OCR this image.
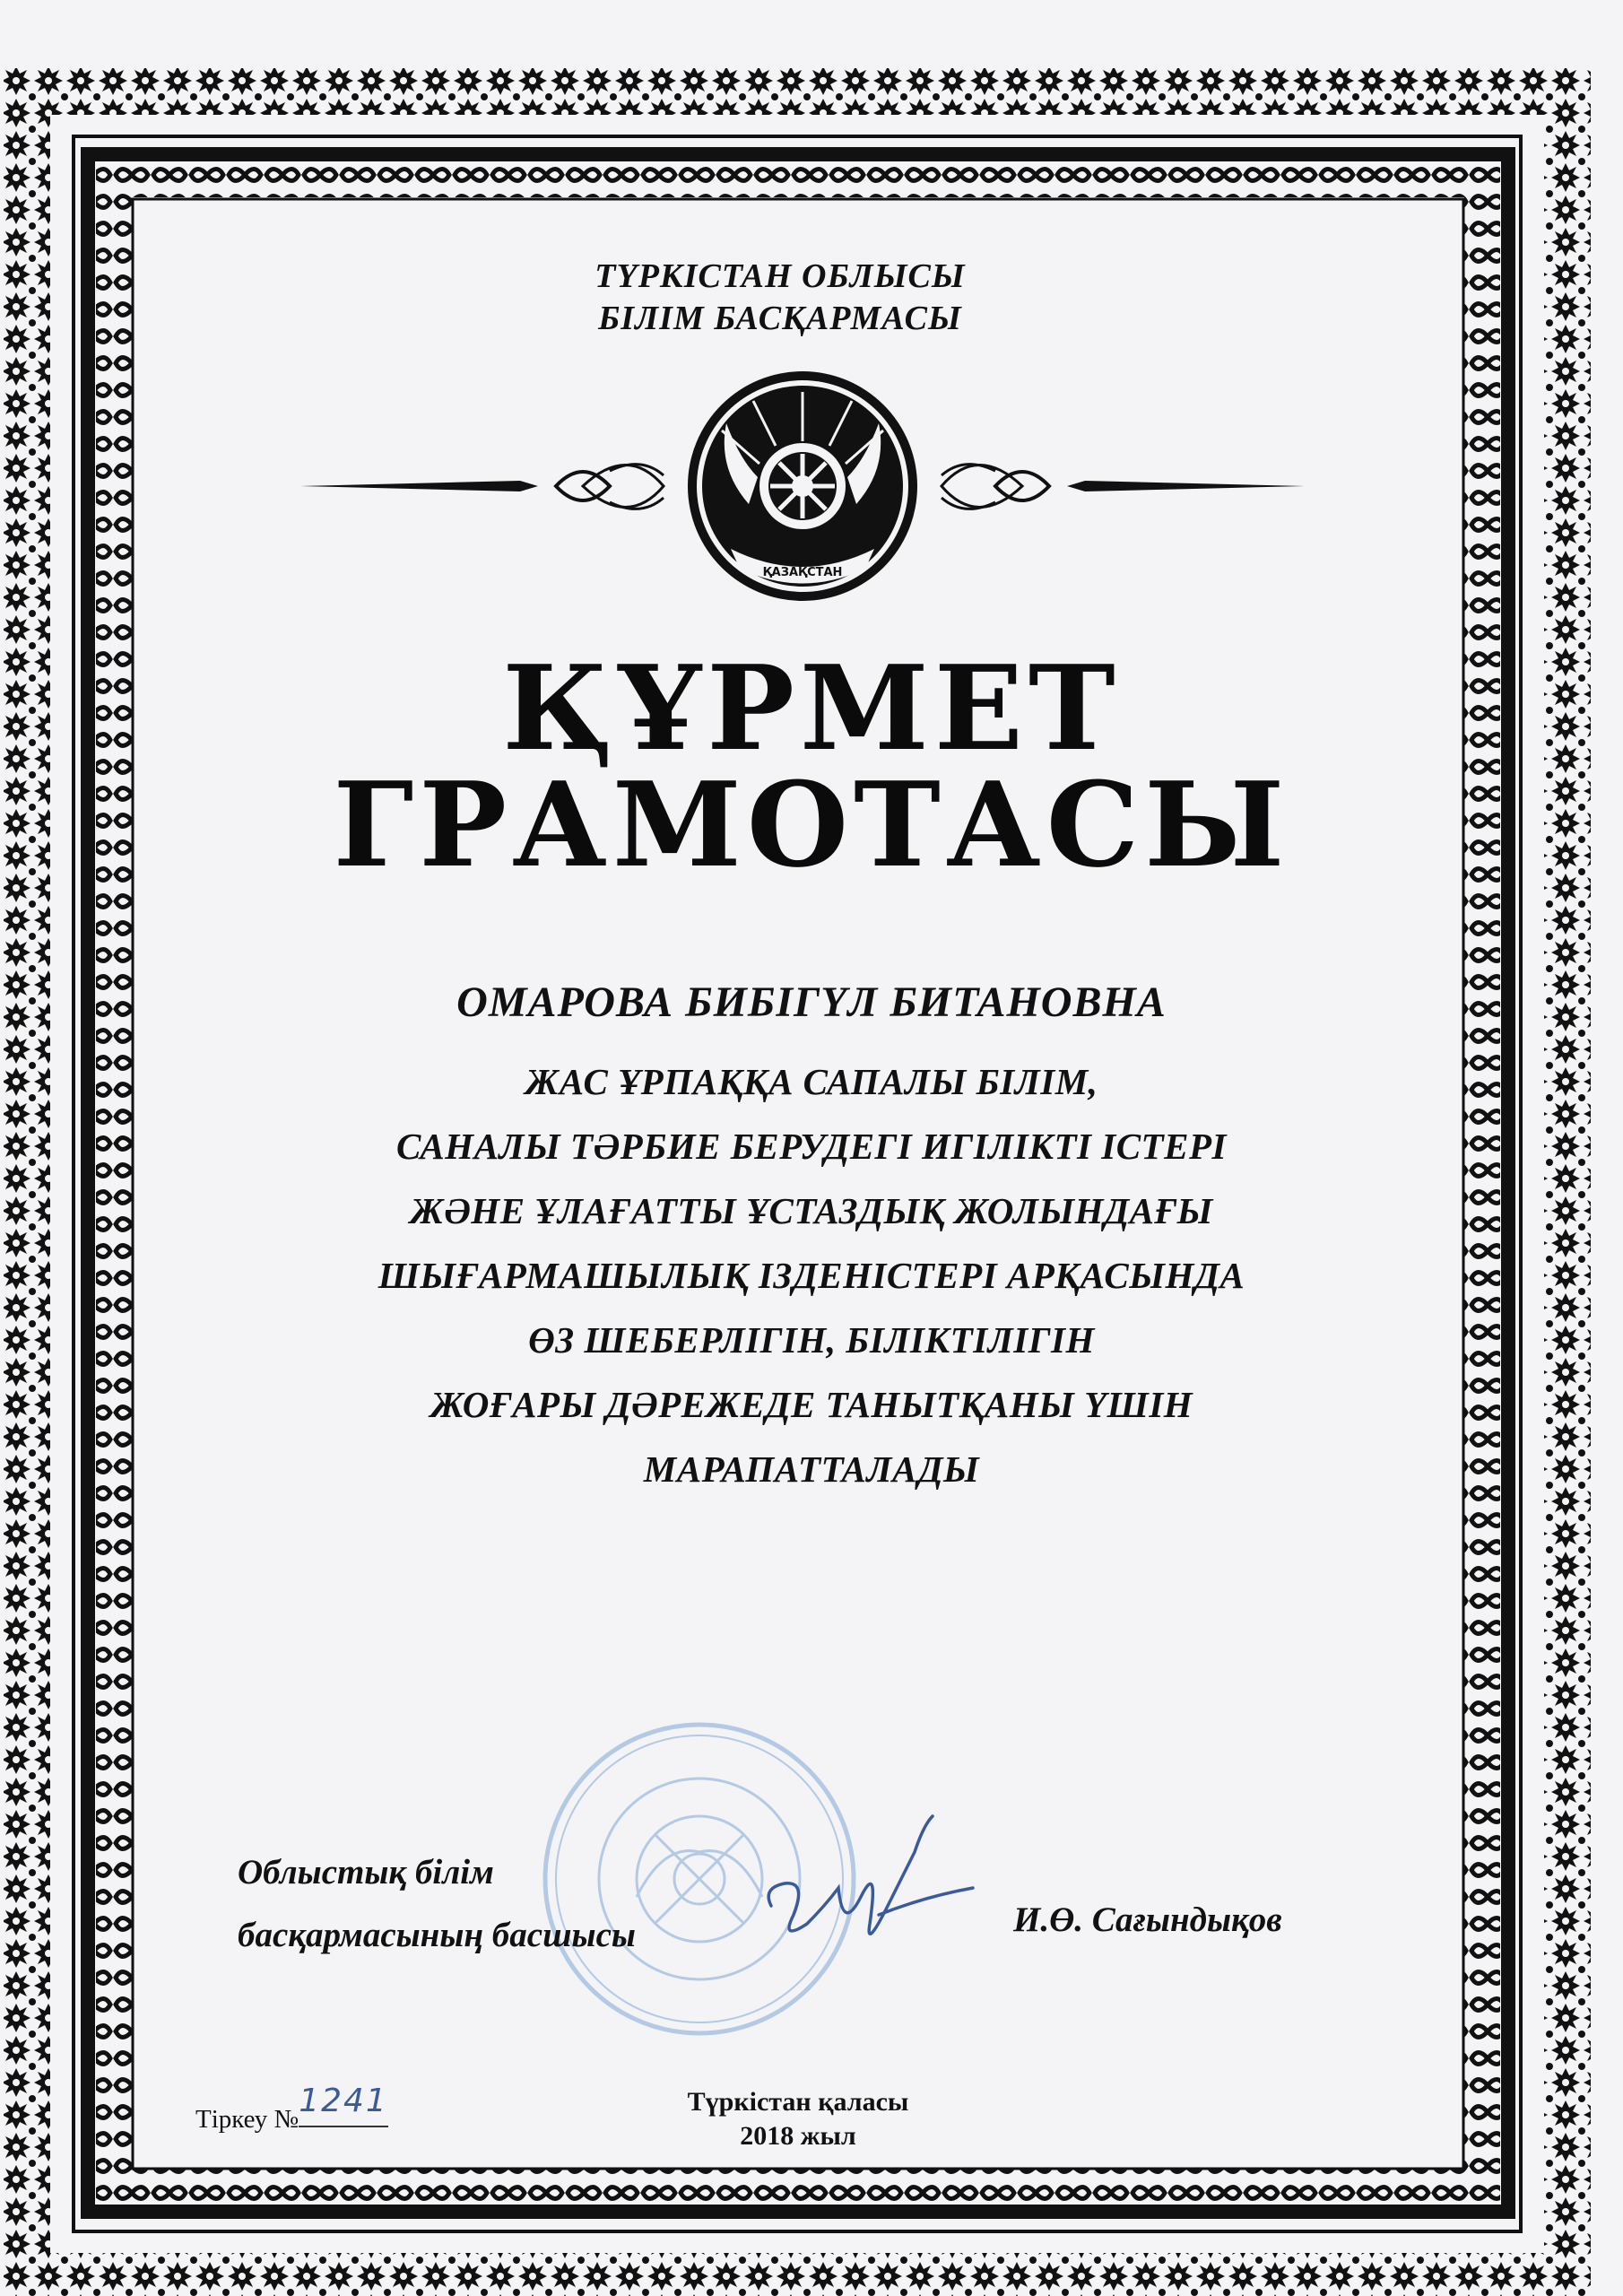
ТҮРКІСТАН ОБЛЫСЫ
БІЛІМ БАСҚАРМАСЫ
ҚАЗАҚСТАН
ҚҰРМЕТ
ГРАМОТАСЫ
ОМАРОВА БИБІГҮЛ БИТАНОВНА
ЖАС ҰРПАҚҚА САПАЛЫ БІЛІМ,
САНАЛЫ ТӘРБИЕ БЕРУДЕГІ ИГІЛІКТІ ІСТЕРІ
ЖӘНЕ ҰЛАҒАТТЫ ҰСТАЗДЫҚ ЖОЛЫНДАҒЫ
ШЫҒАРМАШЫЛЫҚ ІЗДЕНІСТЕРІ АРҚАСЫНДА
ӨЗ ШЕБЕРЛІГІН, БІЛІКТІЛІГІН
ЖОҒАРЫ ДӘРЕЖЕДЕ ТАНЫТҚАНЫ ҮШІН
МАРАПАТТАЛАДЫ
Облыстық білім
басқармасының басшысы	И.Ө. Сағындықов
Тіркеу № 1241	Түркістан қаласы
2018 жыл
